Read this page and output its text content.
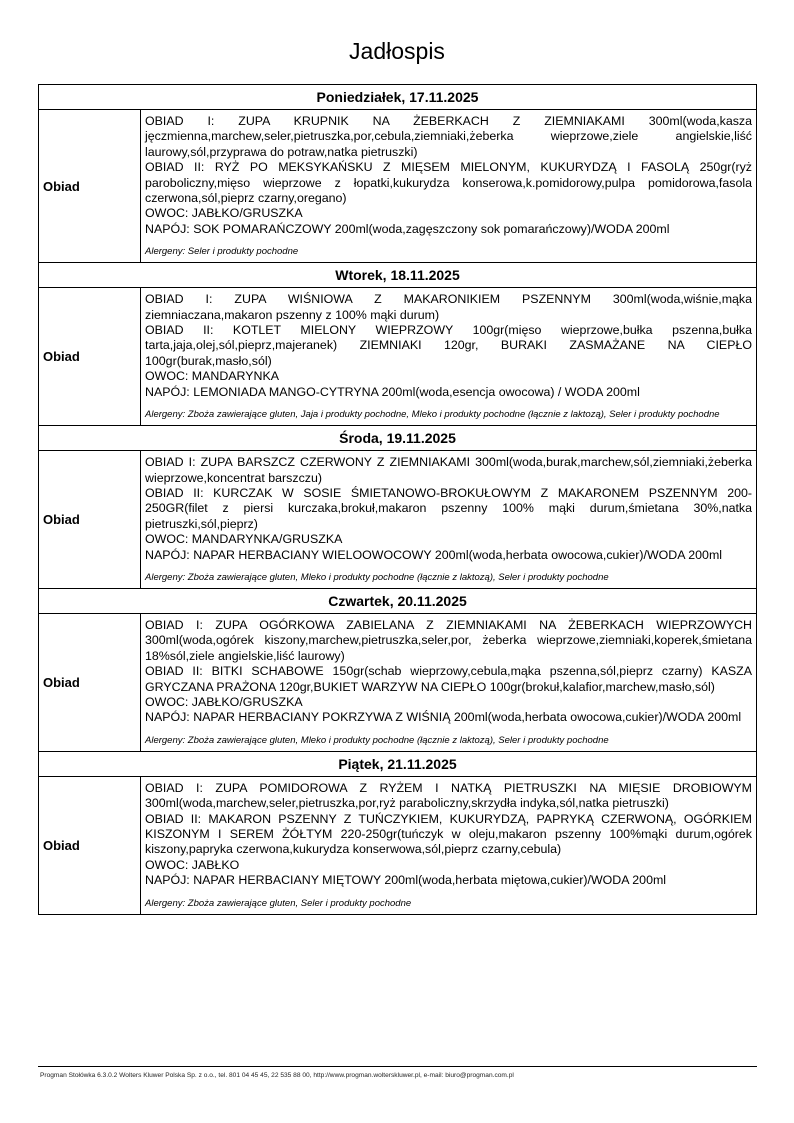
Jadłospis
Poniedziałek, 17.11.2025	
Obiad	OBIAD I: ZUPA KRUPNIK NA ŻEBERKACH Z ZIEMNIAKAMI 300ml(woda,kasza jęczmienna,marchew,seler,pietruszka,por,cebula,ziemniaki,żeberka wieprzowe,ziele angielskie,liść laurowy,sól,przyprawa do potraw,natka pietruszki)
OBIAD II: RYŻ PO MEKSYKAŃSKU Z MIĘSEM MIELONYM, KUKURYDZĄ I FASOLĄ 250gr(ryż paroboliczny,mięso wieprzowe z łopatki,kukurydza konserowa,k.pomidorowy,pulpa pomidorowa,fasola czerwona,sól,pieprz czarny,oregano)
OWOC: JABŁKO/GRUSZKA
NAPÓJ: SOK POMARAŃCZOWY 200ml(woda,zagęszczony sok pomarańczowy)/WODA 200ml
Alergeny: Seler i produkty pochodne

Wtorek, 18.11.2025	
Obiad	OBIAD I: ZUPA WIŚNIOWA Z MAKARONIKIEM PSZENNYM 300ml(woda,wiśnie,mąka ziemniaczana,makaron pszenny z 100% mąki durum)
OBIAD II: KOTLET MIELONY WIEPRZOWY 100gr(mięso wieprzowe,bułka pszenna,bułka tarta,jaja,olej,sól,pieprz,majeranek) ZIEMNIAKI 120gr, BURAKI ZASMAŻANE NA CIEPŁO 100gr(burak,masło,sól)
OWOC: MANDARYNKA
NAPÓJ: LEMONIADA MANGO-CYTRYNA 200ml(woda,esencja owocowa) / WODA 200ml
Alergeny: Zboża zawierające gluten, Jaja i produkty pochodne, Mleko i produkty pochodne (łącznie z laktozą), Seler i produkty pochodne

Środa, 19.11.2025	
Obiad	OBIAD I: ZUPA BARSZCZ CZERWONY Z ZIEMNIAKAMI 300ml(woda,burak,marchew,sól,ziemniaki,żeberka wieprzowe,koncentrat barszczu)
OBIAD II: KURCZAK W SOSIE ŚMIETANOWO-BROKUŁOWYM Z MAKARONEM PSZENNYM 200-250GR(filet z piersi kurczaka,brokuł,makaron pszenny 100% mąki durum,śmietana 30%,natka pietruszki,sól,pieprz)
OWOC: MANDARYNKA/GRUSZKA
NAPÓJ: NAPAR HERBACIANY WIELOOWOCOWY 200ml(woda,herbata owocowa,cukier)/WODA 200ml
Alergeny: Zboża zawierające gluten, Mleko i produkty pochodne (łącznie z laktozą), Seler i produkty pochodne

Czwartek, 20.11.2025	
Obiad	OBIAD I: ZUPA OGÓRKOWA ZABIELANA Z ZIEMNIAKAMI NA ŻEBERKACH WIEPRZOWYCH 300ml(woda,ogórek kiszony,marchew,pietruszka,seler,por, żeberka wieprzowe,ziemniaki,koperek,śmietana 18%sól,ziele angielskie,liść laurowy)
OBIAD II: BITKI SCHABOWE 150gr(schab wieprzowy,cebula,mąka pszenna,sól,pieprz czarny) KASZA GRYCZANA PRAŻONA 120gr,BUKIET WARZYW NA CIEPŁO 100gr(brokuł,kalafior,marchew,masło,sól)
OWOC: JABŁKO/GRUSZKA
NAPÓJ: NAPAR HERBACIANY POKRZYWA Z WIŚNIĄ 200ml(woda,herbata owocowa,cukier)/WODA 200ml
Alergeny: Zboża zawierające gluten, Mleko i produkty pochodne (łącznie z laktozą), Seler i produkty pochodne

Piątek, 21.11.2025	
Obiad	OBIAD I: ZUPA POMIDOROWA Z RYŻEM I NATKĄ PIETRUSZKI NA MIĘSIE DROBIOWYM 300ml(woda,marchew,seler,pietruszka,por,ryż paraboliczny,skrzydła indyka,sól,natka pietruszki)
OBIAD II: MAKARON PSZENNY Z TUŃCZYKIEM, KUKURYDZĄ, PAPRYKĄ CZERWONĄ, OGÓRKIEM KISZONYM I SEREM ŻÓŁTYM 220-250gr(tuńczyk w oleju,makaron pszenny 100%mąki durum,ogórek kiszony,papryka czerwona,kukurydza konserwowa,sól,pieprz czarny,cebula)
OWOC: JABŁKO
NAPÓJ: NAPAR HERBACIANY MIĘTOWY 200ml(woda,herbata miętowa,cukier)/WODA 200ml
Alergeny: Zboża zawierające gluten, Seler i produkty pochodne
Progman Stołówka 6.3.0.2 Wolters Kluwer Polska Sp. z o.o., tel. 801 04 45 45, 22 535 88 00, http://www.progman.wolterskluwer.pl, e-mail: biuro@progman.com.pl
